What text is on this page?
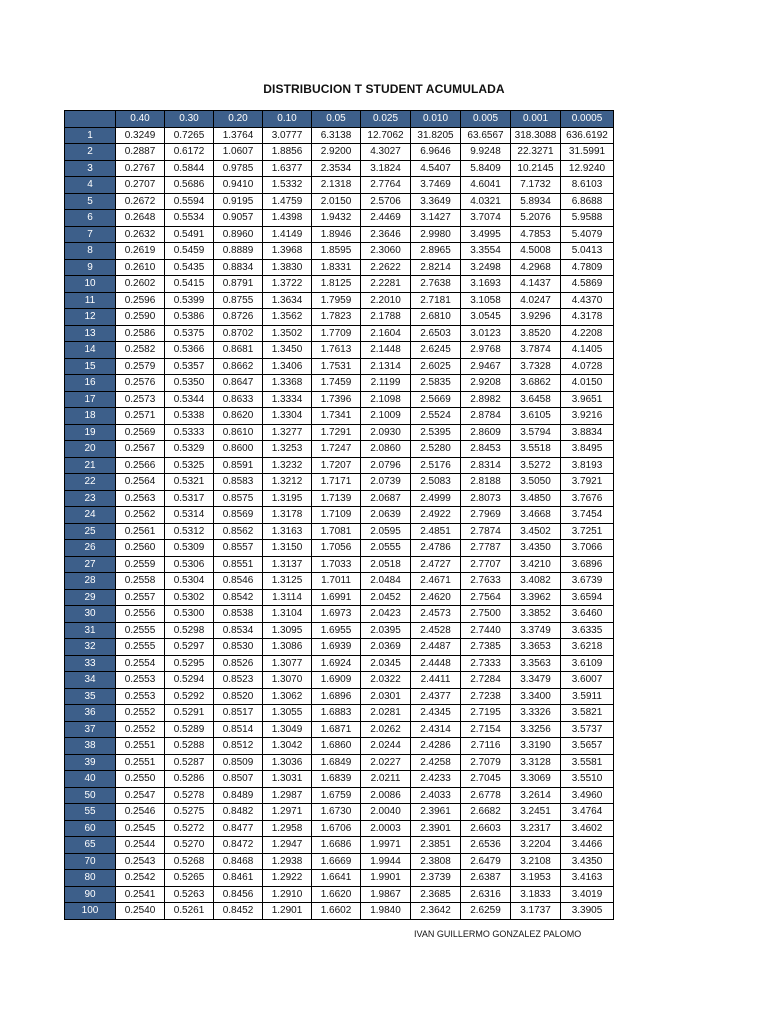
DISTRIBUCION T STUDENT ACUMULADA
	0.40	0.30	0.20	0.10	0.05	0.025	0.010	0.005	0.001	0.0005
1	0.3249	0.7265	1.3764	3.0777	6.3138	12.7062	31.8205	63.6567	318.3088	636.6192
2	0.2887	0.6172	1.0607	1.8856	2.9200	4.3027	6.9646	9.9248	22.3271	31.5991
3	0.2767	0.5844	0.9785	1.6377	2.3534	3.1824	4.5407	5.8409	10.2145	12.9240
4	0.2707	0.5686	0.9410	1.5332	2.1318	2.7764	3.7469	4.6041	7.1732	8.6103
5	0.2672	0.5594	0.9195	1.4759	2.0150	2.5706	3.3649	4.0321	5.8934	6.8688
6	0.2648	0.5534	0.9057	1.4398	1.9432	2.4469	3.1427	3.7074	5.2076	5.9588
7	0.2632	0.5491	0.8960	1.4149	1.8946	2.3646	2.9980	3.4995	4.7853	5.4079
8	0.2619	0.5459	0.8889	1.3968	1.8595	2.3060	2.8965	3.3554	4.5008	5.0413
9	0.2610	0.5435	0.8834	1.3830	1.8331	2.2622	2.8214	3.2498	4.2968	4.7809
10	0.2602	0.5415	0.8791	1.3722	1.8125	2.2281	2.7638	3.1693	4.1437	4.5869
11	0.2596	0.5399	0.8755	1.3634	1.7959	2.2010	2.7181	3.1058	4.0247	4.4370
12	0.2590	0.5386	0.8726	1.3562	1.7823	2.1788	2.6810	3.0545	3.9296	4.3178
13	0.2586	0.5375	0.8702	1.3502	1.7709	2.1604	2.6503	3.0123	3.8520	4.2208
14	0.2582	0.5366	0.8681	1.3450	1.7613	2.1448	2.6245	2.9768	3.7874	4.1405
15	0.2579	0.5357	0.8662	1.3406	1.7531	2.1314	2.6025	2.9467	3.7328	4.0728
16	0.2576	0.5350	0.8647	1.3368	1.7459	2.1199	2.5835	2.9208	3.6862	4.0150
17	0.2573	0.5344	0.8633	1.3334	1.7396	2.1098	2.5669	2.8982	3.6458	3.9651
18	0.2571	0.5338	0.8620	1.3304	1.7341	2.1009	2.5524	2.8784	3.6105	3.9216
19	0.2569	0.5333	0.8610	1.3277	1.7291	2.0930	2.5395	2.8609	3.5794	3.8834
20	0.2567	0.5329	0.8600	1.3253	1.7247	2.0860	2.5280	2.8453	3.5518	3.8495
21	0.2566	0.5325	0.8591	1.3232	1.7207	2.0796	2.5176	2.8314	3.5272	3.8193
22	0.2564	0.5321	0.8583	1.3212	1.7171	2.0739	2.5083	2.8188	3.5050	3.7921
23	0.2563	0.5317	0.8575	1.3195	1.7139	2.0687	2.4999	2.8073	3.4850	3.7676
24	0.2562	0.5314	0.8569	1.3178	1.7109	2.0639	2.4922	2.7969	3.4668	3.7454
25	0.2561	0.5312	0.8562	1.3163	1.7081	2.0595	2.4851	2.7874	3.4502	3.7251
26	0.2560	0.5309	0.8557	1.3150	1.7056	2.0555	2.4786	2.7787	3.4350	3.7066
27	0.2559	0.5306	0.8551	1.3137	1.7033	2.0518	2.4727	2.7707	3.4210	3.6896
28	0.2558	0.5304	0.8546	1.3125	1.7011	2.0484	2.4671	2.7633	3.4082	3.6739
29	0.2557	0.5302	0.8542	1.3114	1.6991	2.0452	2.4620	2.7564	3.3962	3.6594
30	0.2556	0.5300	0.8538	1.3104	1.6973	2.0423	2.4573	2.7500	3.3852	3.6460
31	0.2555	0.5298	0.8534	1.3095	1.6955	2.0395	2.4528	2.7440	3.3749	3.6335
32	0.2555	0.5297	0.8530	1.3086	1.6939	2.0369	2.4487	2.7385	3.3653	3.6218
33	0.2554	0.5295	0.8526	1.3077	1.6924	2.0345	2.4448	2.7333	3.3563	3.6109
34	0.2553	0.5294	0.8523	1.3070	1.6909	2.0322	2.4411	2.7284	3.3479	3.6007
35	0.2553	0.5292	0.8520	1.3062	1.6896	2.0301	2.4377	2.7238	3.3400	3.5911
36	0.2552	0.5291	0.8517	1.3055	1.6883	2.0281	2.4345	2.7195	3.3326	3.5821
37	0.2552	0.5289	0.8514	1.3049	1.6871	2.0262	2.4314	2.7154	3.3256	3.5737
38	0.2551	0.5288	0.8512	1.3042	1.6860	2.0244	2.4286	2.7116	3.3190	3.5657
39	0.2551	0.5287	0.8509	1.3036	1.6849	2.0227	2.4258	2.7079	3.3128	3.5581
40	0.2550	0.5286	0.8507	1.3031	1.6839	2.0211	2.4233	2.7045	3.3069	3.5510
50	0.2547	0.5278	0.8489	1.2987	1.6759	2.0086	2.4033	2.6778	3.2614	3.4960
55	0.2546	0.5275	0.8482	1.2971	1.6730	2.0040	2.3961	2.6682	3.2451	3.4764
60	0.2545	0.5272	0.8477	1.2958	1.6706	2.0003	2.3901	2.6603	3.2317	3.4602
65	0.2544	0.5270	0.8472	1.2947	1.6686	1.9971	2.3851	2.6536	3.2204	3.4466
70	0.2543	0.5268	0.8468	1.2938	1.6669	1.9944	2.3808	2.6479	3.2108	3.4350
80	0.2542	0.5265	0.8461	1.2922	1.6641	1.9901	2.3739	2.6387	3.1953	3.4163
90	0.2541	0.5263	0.8456	1.2910	1.6620	1.9867	2.3685	2.6316	3.1833	3.4019
100	0.2540	0.5261	0.8452	1.2901	1.6602	1.9840	2.3642	2.6259	3.1737	3.3905
IVAN GUILLERMO GONZALEZ PALOMO
